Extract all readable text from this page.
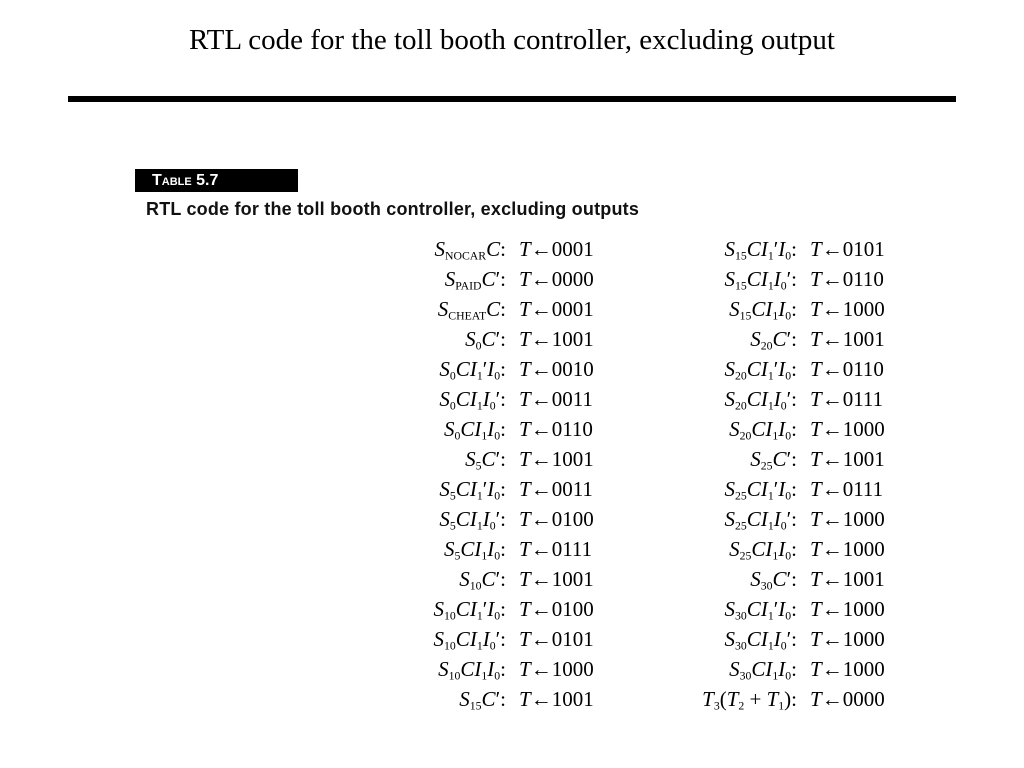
RTL code for the toll booth controller, excluding output
Table 5.7
RTL code for the toll booth controller, excluding outputs
$S_{NOCAR}C$: T←0001
$S_{PAID}C'$: T←0000
$S_{CHEAT}C$: T←0001
$S_0C'$: T←1001
$S_0CI_1'I_0$: T←0010
$S_0CI_1I_0'$: T←0011
$S_0CI_1I_0$: T←0110
$S_5C'$: T←1001
$S_5CI_1'I_0$: T←0011
$S_5CI_1I_0'$: T←0100
$S_5CI_1I_0$: T←0111
$S_{10}C'$: T←1001
$S_{10}CI_1'I_0$: T←0100
$S_{10}CI_1I_0'$: T←0101
$S_{10}CI_1I_0$: T←1000
$S_{15}C'$: T←1001
$S_{15}CI_1'I_0$: T←0101
$S_{15}CI_1I_0'$: T←0110
$S_{15}CI_1I_0$: T←1000
$S_{20}C'$: T←1001
$S_{20}CI_1'I_0$: T←0110
$S_{20}CI_1I_0'$: T←0111
$S_{20}CI_1I_0$: T←1000
$S_{25}C'$: T←1001
$S_{25}CI_1'I_0$: T←0111
$S_{25}CI_1I_0'$: T←1000
$S_{25}CI_1I_0$: T←1000
$S_{30}C'$: T←1001
$S_{30}CI_1'I_0$: T←1000
$S_{30}CI_1I_0'$: T←1000
$S_{30}CI_1I_0$: T←1000
$T_3(T_2 + T_1)$: T←0000
